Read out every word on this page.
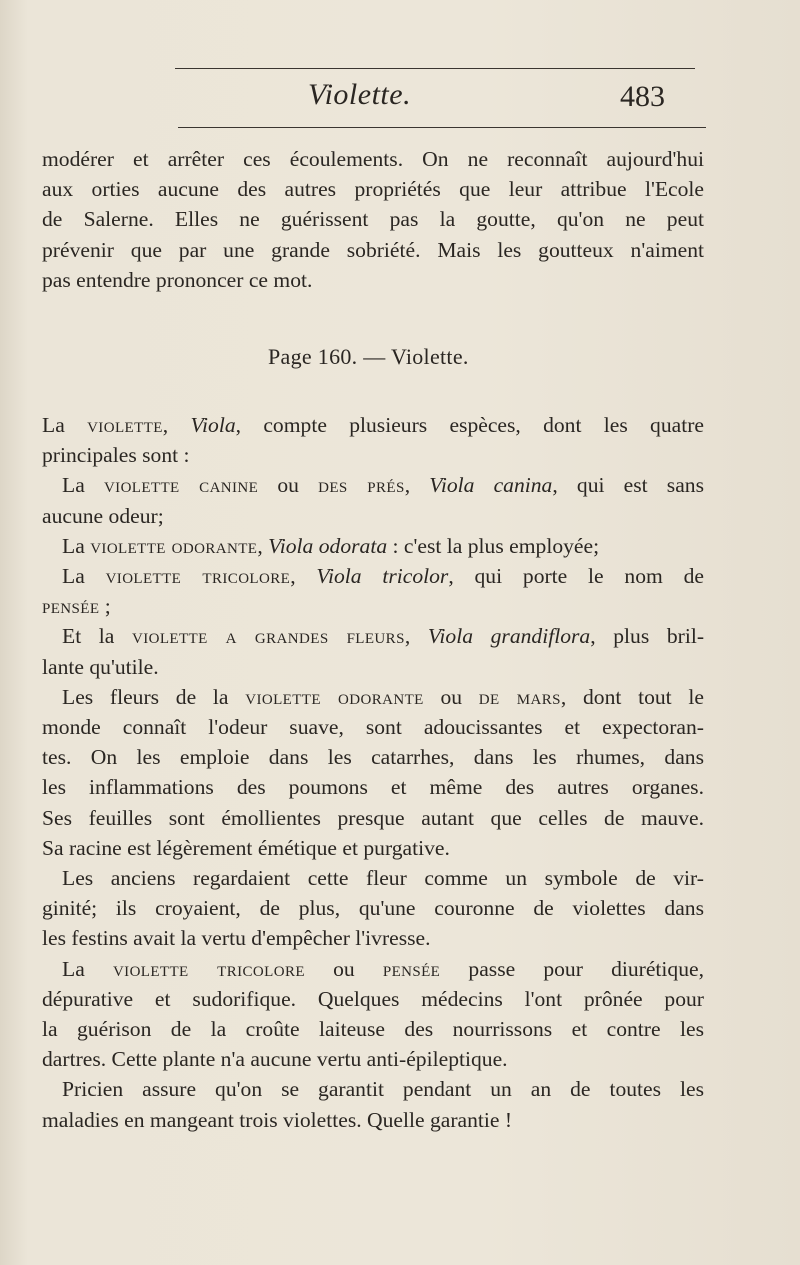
Violette.	483
modérer et arrêter ces écoulements. On ne reconnaît aujourd'hui
aux orties aucune des autres propriétés que leur attribue l'Ecole
de Salerne. Elles ne guérissent pas la goutte, qu'on ne peut
prévenir que par une grande sobriété. Mais les goutteux n'aiment
pas entendre prononcer ce mot.
Page 160. — Violette.
La violette, Viola, compte plusieurs espèces, dont les quatre
principales sont :
La violette canine ou des prés, Viola canina, qui est sans
aucune odeur;
La violette odorante, Viola odorata : c'est la plus employée;
La violette tricolore, Viola tricolor, qui porte le nom de
pensée ;
Et la violette a grandes fleurs, Viola grandiflora, plus bril-
lante qu'utile.
Les fleurs de la violette odorante ou de mars, dont tout le
monde connaît l'odeur suave, sont adoucissantes et expectoran-
tes. On les emploie dans les catarrhes, dans les rhumes, dans
les inflammations des poumons et même des autres organes.
Ses feuilles sont émollientes presque autant que celles de mauve.
Sa racine est légèrement émétique et purgative.
Les anciens regardaient cette fleur comme un symbole de vir-
ginité; ils croyaient, de plus, qu'une couronne de violettes dans
les festins avait la vertu d'empêcher l'ivresse.
La violette tricolore ou pensée passe pour diurétique,
dépurative et sudorifique. Quelques médecins l'ont prônée pour
la guérison de la croûte laiteuse des nourrissons et contre les
dartres. Cette plante n'a aucune vertu anti-épileptique.
Pricien assure qu'on se garantit pendant un an de toutes les
maladies en mangeant trois violettes. Quelle garantie !
